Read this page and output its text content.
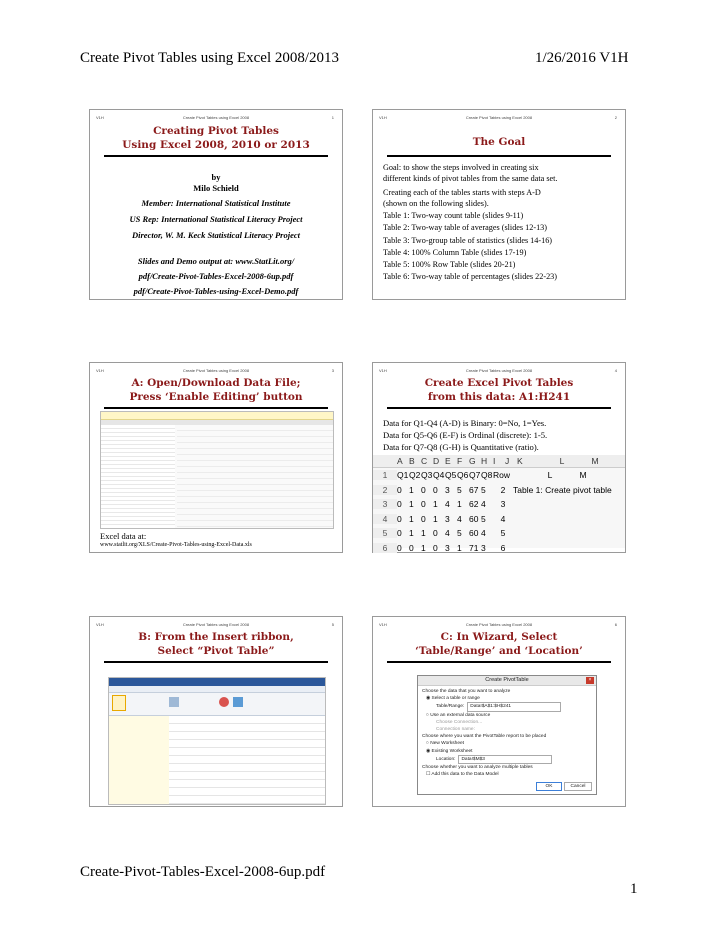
Create Pivot Tables using Excel 2008/2013	1/26/2016 V1H
V1H	Create Pivot Tables using Excel 2008	1
Creating Pivot Tables
Using Excel 2008, 2010 or 2013
by
Milo Schield
Member: International Statistical Institute
US Rep: International Statistical Literacy Project
Director, W. M. Keck Statistical Literacy Project
Slides and Demo output at: www.StatLit.org/
pdf/Create-Pivot-Tables-Excel-2008-6up.pdf
pdf/Create-Pivot-Tables-using-Excel-Demo.pdf
V1H	Create Pivot Tables using Excel 2008	2
The Goal
Goal: to show the steps involved in creating six
different kinds of pivot tables from the same data set.
Creating each of the tables starts with steps A-D
(shown on the following slides).
Table 1: Two-way count table (slides 9-11)
Table 2: Two-way table of averages (slides 12-13)
Table 3: Two-group table of statistics (slides 14-16)
Table 4: 100% Column Table (slides 17-19)
Table 5: 100% Row Table (slides 20-21)
Table 6: Two-way table of percentages (slides 22-23)
V1H	Create Pivot Tables using Excel 2008	3
A: Open/Download Data File;
Press ‘Enable Editing’ button
Excel data at:
www.statlit.org/XLS/Create-Pivot-Tables-using-Excel-Data.xls
V1H	Create Pivot Tables using Excel 2008	4
Create Excel Pivot Tables
from this data: A1:H241
Data for Q1-Q4 (A-D) is Binary: 0=No, 1=Yes.
Data for Q5-Q6 (E-F) is Ordinal (discrete): 1-5.
Data for Q7-Q8 (G-H) is Quantitative (ratio).
A B C D E F G H I	J K	L	M
1	Q1 Q2 Q3 Q4 Q5 Q6 Q7 Q8 Row	L	M
2	0 1 0 0 3 5 67 5	2 Table 1: Create pivot table
3	0 1 0 1 4 1 62 4	3
4	0 1 0 1 3 4 60 5	4
5	0 1 1 0 4 5 60 4	5
6	0 0 1 0 3 1 71 3	6
V1H	Create Pivot Tables using Excel 2008	5
B: From the Insert ribbon,
Select “Pivot Table”
V1H	Create Pivot Tables using Excel 2008	6
C: In Wizard, Select
‘Table/Range’ and ‘Location’
Create PivotTable	×
Choose the data that you want to analyze
◉ Select a table or range
Table/Range:	Data!$A$1:$H$241
○ Use an external data source
Choose Connection...
Connection name:
Choose where you want the PivotTable report to be placed
○ New Worksheet
◉ Existing Worksheet
Location:	Data!$M$3
Choose whether you want to analyze multiple tables
☐ Add this data to the Data Model
OK	Cancel
Create-Pivot-Tables-Excel-2008-6up.pdf
1
